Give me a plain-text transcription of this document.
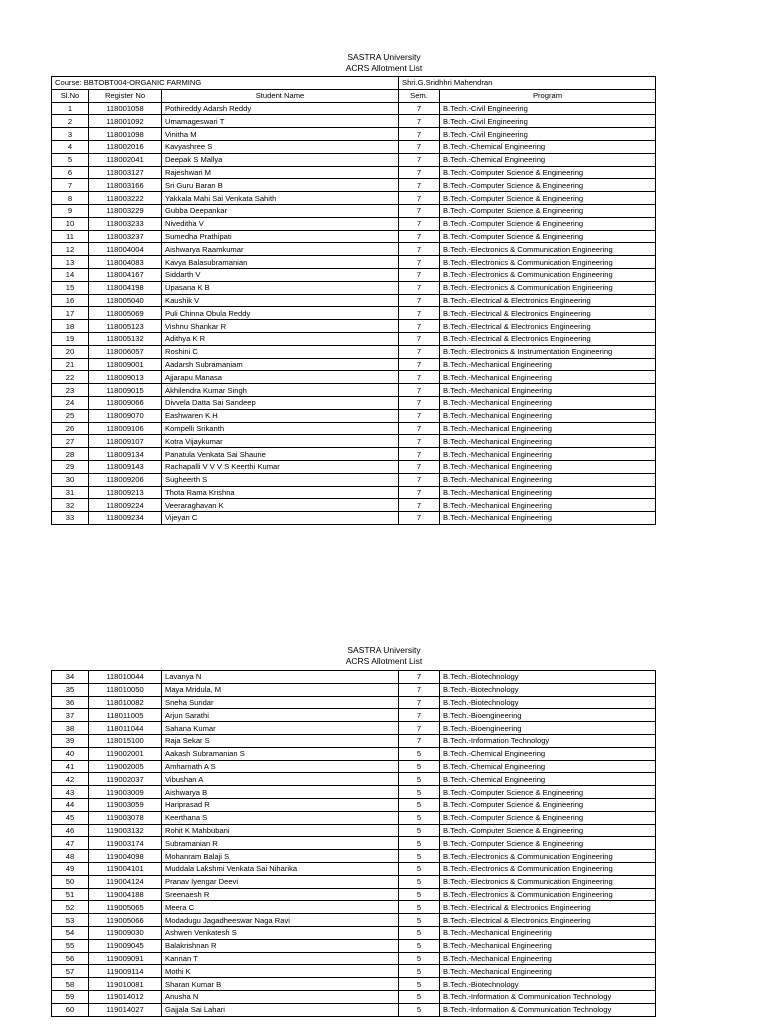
SASTRA University
ACRS Allotment List
Course: BBTOBT004-ORGANIC FARMING			Shri.G.Sridhhri Mahendran	
Sl.No	Register No	Student Name	Sem.	Program
1	118001058	Pothireddy Adarsh Reddy	7	B.Tech.-Civil Engineering
2	118001092	Umamageswari T	7	B.Tech.-Civil Engineering
3	118001098	Vinitha M	7	B.Tech.-Civil Engineering
4	118002016	Kavyashree S	7	B.Tech.-Chemical Engineering
5	118002041	Deepak S Mallya	7	B.Tech.-Chemical Engineering
6	118003127	Rajeshwari M	7	B.Tech.-Computer Science & Engineering
7	118003166	Sri Guru Baran B	7	B.Tech.-Computer Science & Engineering
8	118003222	Yakkala Mahi Sai Venkata Sahith	7	B.Tech.-Computer Science & Engineering
9	118003229	Gubba Deepankar	7	B.Tech.-Computer Science & Engineering
10	118003233	Niveditha V	7	B.Tech.-Computer Science & Engineering
11	118003237	Sumedha Prathipati	7	B.Tech.-Computer Science & Engineering
12	118004004	Aishwarya Raamkumar	7	B.Tech.-Electronics & Communication Engineering
13	118004083	Kavya Balasubramanian	7	B.Tech.-Electronics & Communication Engineering
14	118004167	Siddarth V	7	B.Tech.-Electronics & Communication Engineering
15	118004198	Upasana K B	7	B.Tech.-Electronics & Communication Engineering
16	118005040	Kaushik V	7	B.Tech.-Electrical & Electronics Engineering
17	118005069	Puli Chinna Obula Reddy	7	B.Tech.-Electrical & Electronics Engineering
18	118005123	Vishnu Shankar R	7	B.Tech.-Electrical & Electronics Engineering
19	118005132	Adithya K R	7	B.Tech.-Electrical & Electronics Engineering
20	118006057	Roshini C	7	B.Tech.-Electronics & Instrumentation Engineering
21	118009001	Aadarsh Subramaniam	7	B.Tech.-Mechanical Engineering
22	118009013	Ajjarapu Manasa	7	B.Tech.-Mechanical Engineering
23	118009015	Akhilendra Kumar Singh	7	B.Tech.-Mechanical Engineering
24	118009066	Divvela Datta Sai Sandeep	7	B.Tech.-Mechanical Engineering
25	118009070	Eashwaren K H	7	B.Tech.-Mechanical Engineering
26	118009106	Kompelli Srikanth	7	B.Tech.-Mechanical Engineering
27	118009107	Kotra Vijaykumar	7	B.Tech.-Mechanical Engineering
28	118009134	Panatula Venkata Sai Shaurie	7	B.Tech.-Mechanical Engineering
29	118009143	Rachapalli V V V S Keerthi Kumar	7	B.Tech.-Mechanical Engineering
30	118009206	Sugheerth S	7	B.Tech.-Mechanical Engineering
31	118009213	Thota Rama Krishna	7	B.Tech.-Mechanical Engineering
32	118009224	Veeraraghavan K	7	B.Tech.-Mechanical Engineering
33	118009234	Vijeyan C	7	B.Tech.-Mechanical Engineering
SASTRA University
ACRS Allotment List
34	118010044	Lavanya N	7	B.Tech.-Biotechnology
35	118010050	Maya Mridula, M	7	B.Tech.-Biotechnology
36	118010082	Sneha Sundar	7	B.Tech.-Biotechnology
37	118011005	Arjun Sarathi	7	B.Tech.-Bioengineering
38	118011044	Sahana Kumar	7	B.Tech.-Bioengineering
39	118015100	Raja Sekar S	7	B.Tech.-Information Technology
40	119002001	Aakash Subramanian S	5	B.Tech.-Chemical Engineering
41	119002005	Amharnath A S	5	B.Tech.-Chemical Engineering
42	119002037	Vibushan A	5	B.Tech.-Chemical Engineering
43	119003009	Aishwarya B	5	B.Tech.-Computer Science & Engineering
44	119003059	Hariprasad R	5	B.Tech.-Computer Science & Engineering
45	119003078	Keerthana S	5	B.Tech.-Computer Science & Engineering
46	119003132	Rohit K Mahbubani	5	B.Tech.-Computer Science & Engineering
47	119003174	Subramanian R	5	B.Tech.-Computer Science & Engineering
48	119004098	Mohanram Balaji S	5	B.Tech.-Electronics & Communication Engineering
49	119004101	Muddala Lakshmi Venkata Sai Niharika	5	B.Tech.-Electronics & Communication Engineering
50	119004124	Pranav Iyengar Deevi	5	B.Tech.-Electronics & Communication Engineering
51	119004188	Sreenaesh R	5	B.Tech.-Electronics & Communication Engineering
52	119005065	Meera C	5	B.Tech.-Electrical & Electronics Engineering
53	119005066	Modadugu Jagadheeswar Naga Ravi	5	B.Tech.-Electrical & Electronics Engineering
54	119009030	Ashwen Venkatesh S	5	B.Tech.-Mechanical Engineering
55	119009045	Balakrishnan R	5	B.Tech.-Mechanical Engineering
56	119009091	Kannan T	5	B.Tech.-Mechanical Engineering
57	119009114	Mothi K	5	B.Tech.-Mechanical Engineering
58	119010081	Sharan Kumar B	5	B.Tech.-Biotechnology
59	119014012	Anusha N	5	B.Tech.-Information & Communication Technology
60	119014027	Gajjala Sai Lahari	5	B.Tech.-Information & Communication Technology
